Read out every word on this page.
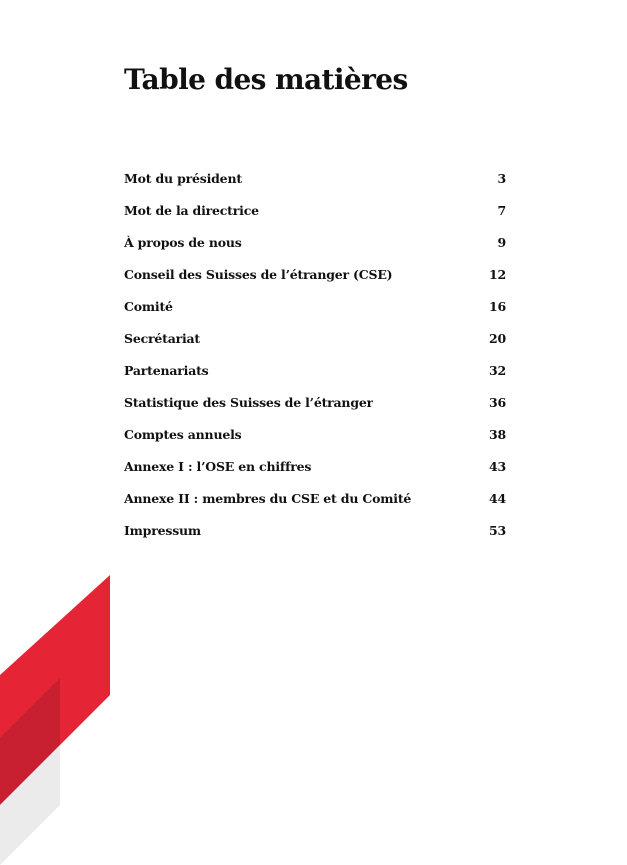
Table des matières
Mot du président	3
Mot de la directrice	7
À propos de nous	9
Conseil des Suisses de l’étranger (CSE)	12
Comité	16
Secrétariat	20
Partenariats	32
Statistique des Suisses de l’étranger	36
Comptes annuels	38
Annexe I : l’OSE en chiffres	43
Annexe II : membres du CSE et du Comité	44
Impressum	53
